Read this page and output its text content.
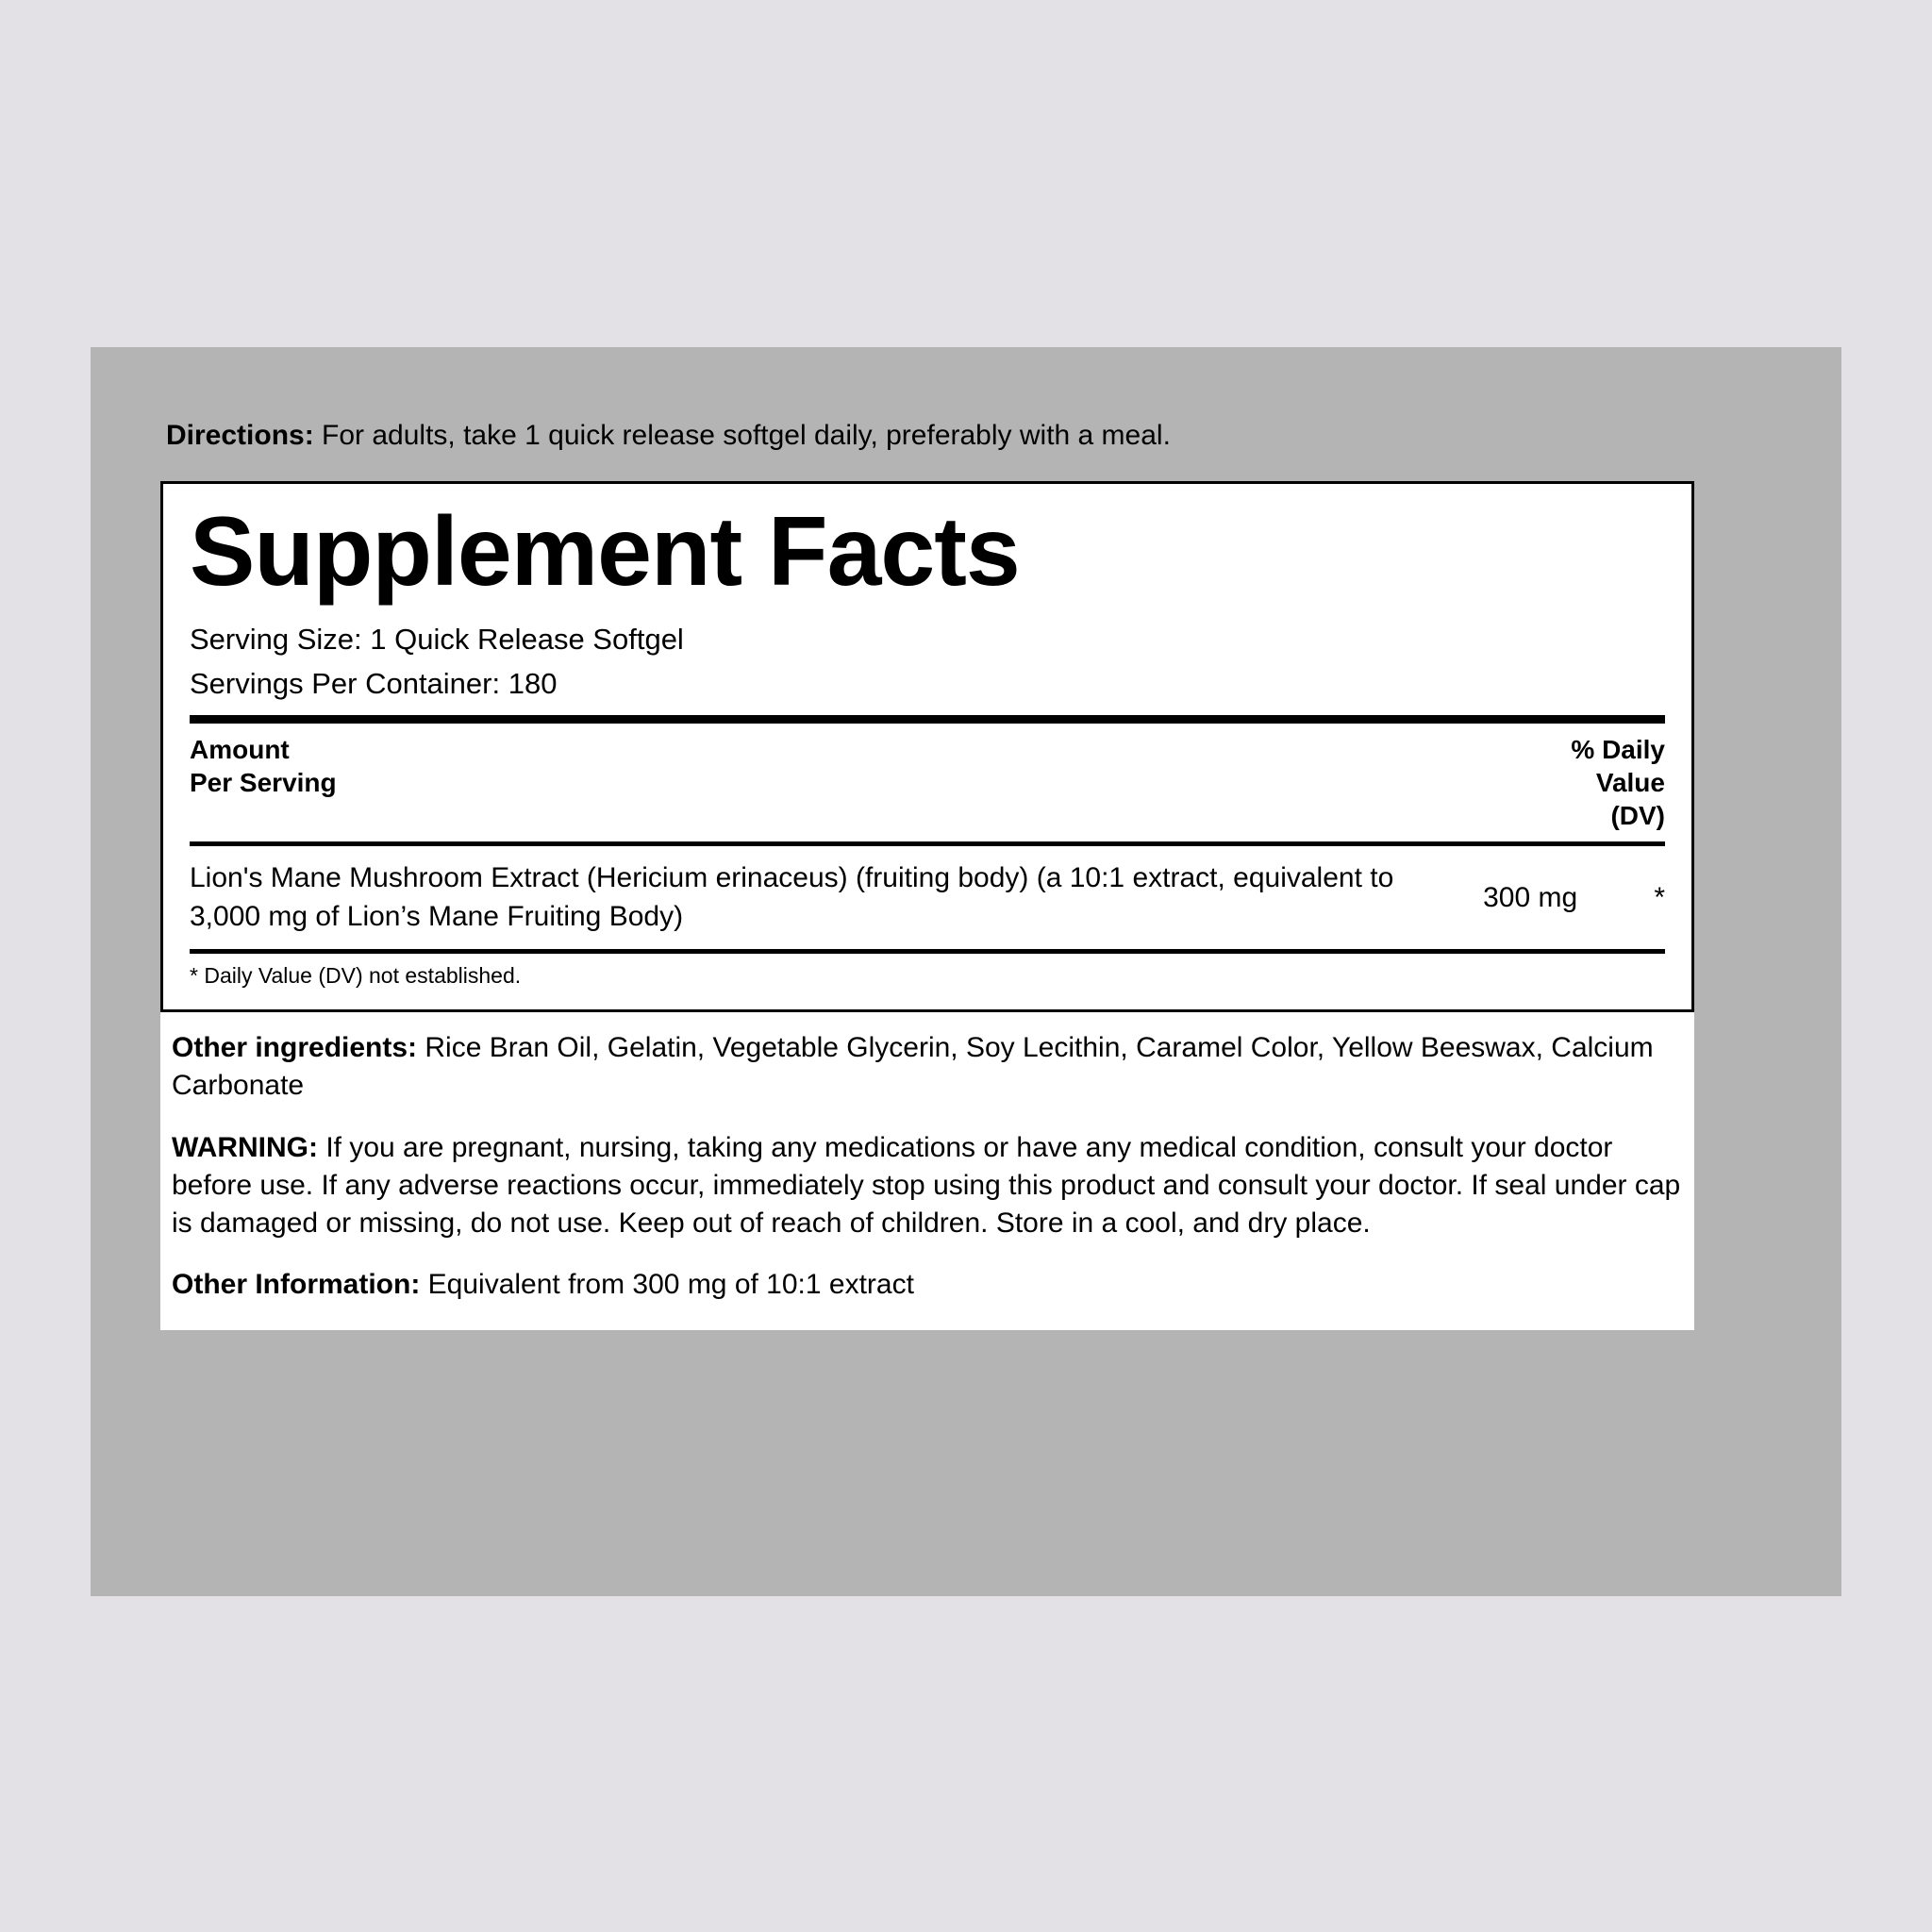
Directions: For adults, take 1 quick release softgel daily, preferably with a meal.
Supplement Facts
Serving Size: 1 Quick Release Softgel
Servings Per Container: 180
Amount
Per Serving
% Daily
Value
(DV)
Lion's Mane Mushroom Extract (Hericium erinaceus) (fruiting body) (a 10:1 extract, equivalent to 3,000 mg of Lion’s Mane Fruiting Body)
300 mg	*
* Daily Value (DV) not established.
Other ingredients: Rice Bran Oil, Gelatin, Vegetable Glycerin, Soy Lecithin, Caramel Color, Yellow Beeswax, Calcium Carbonate
WARNING: If you are pregnant, nursing, taking any medications or have any medical condition, consult your doctor before use. If any adverse reactions occur, immediately stop using this product and consult your doctor. If seal under cap is damaged or missing, do not use. Keep out of reach of children. Store in a cool, and dry place.
Other Information: Equivalent from 300 mg of 10:1 extract
